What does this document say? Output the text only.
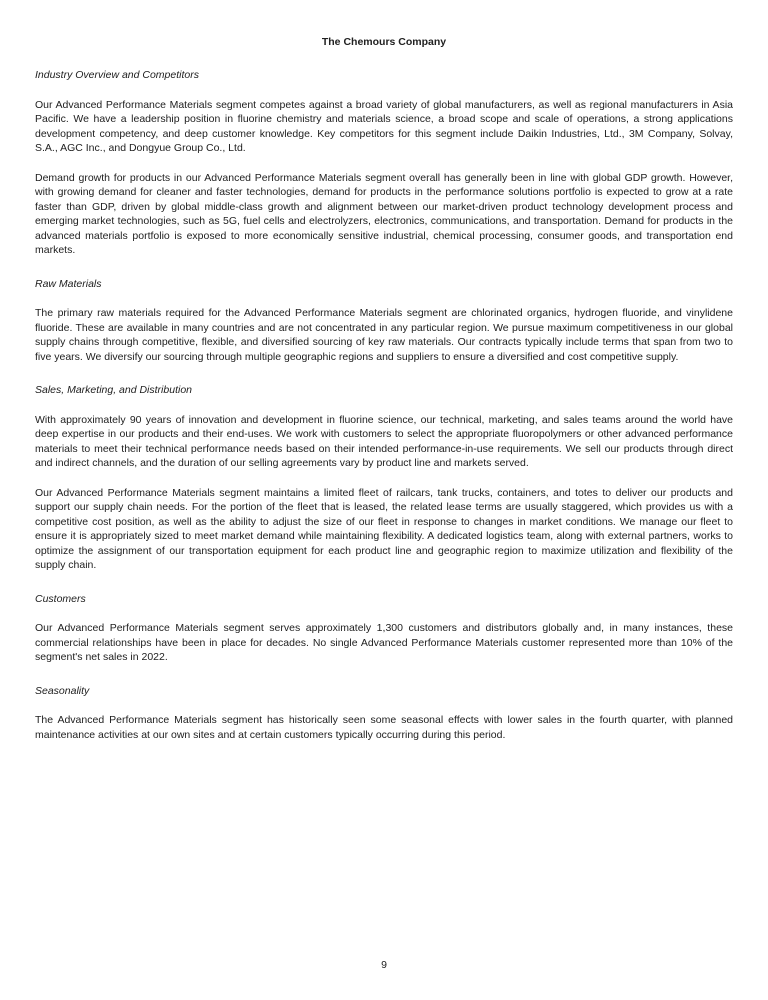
The Chemours Company
Industry Overview and Competitors

Our Advanced Performance Materials segment competes against a broad variety of global manufacturers, as well as regional manufacturers in Asia Pacific. We have a leadership position in fluorine chemistry and materials science, a broad scope and scale of operations, a strong applications development competency, and deep customer knowledge. Key competitors for this segment include Daikin Industries, Ltd., 3M Company, Solvay, S.A., AGC Inc., and Dongyue Group Co., Ltd.

Demand growth for products in our Advanced Performance Materials segment overall has generally been in line with global GDP growth. However, with growing demand for cleaner and faster technologies, demand for products in the performance solutions portfolio is expected to grow at a rate faster than GDP, driven by global middle-class growth and alignment between our market-driven product technology development process and emerging market technologies, such as 5G, fuel cells and electrolyzers, electronics, communications, and transportation. Demand for products in the advanced materials portfolio is exposed to more economically sensitive industrial, chemical processing, consumer goods, and transportation end markets.

Raw Materials

The primary raw materials required for the Advanced Performance Materials segment are chlorinated organics, hydrogen fluoride, and vinylidene fluoride. These are available in many countries and are not concentrated in any particular region. We pursue maximum competitiveness in our global supply chains through competitive, flexible, and diversified sourcing of key raw materials. Our contracts typically include terms that span from two to five years. We diversify our sourcing through multiple geographic regions and suppliers to ensure a diversified and cost competitive supply.

Sales, Marketing, and Distribution

With approximately 90 years of innovation and development in fluorine science, our technical, marketing, and sales teams around the world have deep expertise in our products and their end-uses. We work with customers to select the appropriate fluoropolymers or other advanced performance materials to meet their technical performance needs based on their intended performance-in-use requirements. We sell our products through direct and indirect channels, and the duration of our selling agreements vary by product line and markets served.

Our Advanced Performance Materials segment maintains a limited fleet of railcars, tank trucks, containers, and totes to deliver our products and support our supply chain needs. For the portion of the fleet that is leased, the related lease terms are usually staggered, which provides us with a competitive cost position, as well as the ability to adjust the size of our fleet in response to changes in market conditions. We manage our fleet to ensure it is appropriately sized to meet market demand while maintaining flexibility. A dedicated logistics team, along with external partners, works to optimize the assignment of our transportation equipment for each product line and geographic region to maximize utilization and flexibility of the supply chain.

Customers

Our Advanced Performance Materials segment serves approximately 1,300 customers and distributors globally and, in many instances, these commercial relationships have been in place for decades. No single Advanced Performance Materials customer represented more than 10% of the segment's net sales in 2022.

Seasonality

The Advanced Performance Materials segment has historically seen some seasonal effects with lower sales in the fourth quarter, with planned maintenance activities at our own sites and at certain customers typically occurring during this period.

9
